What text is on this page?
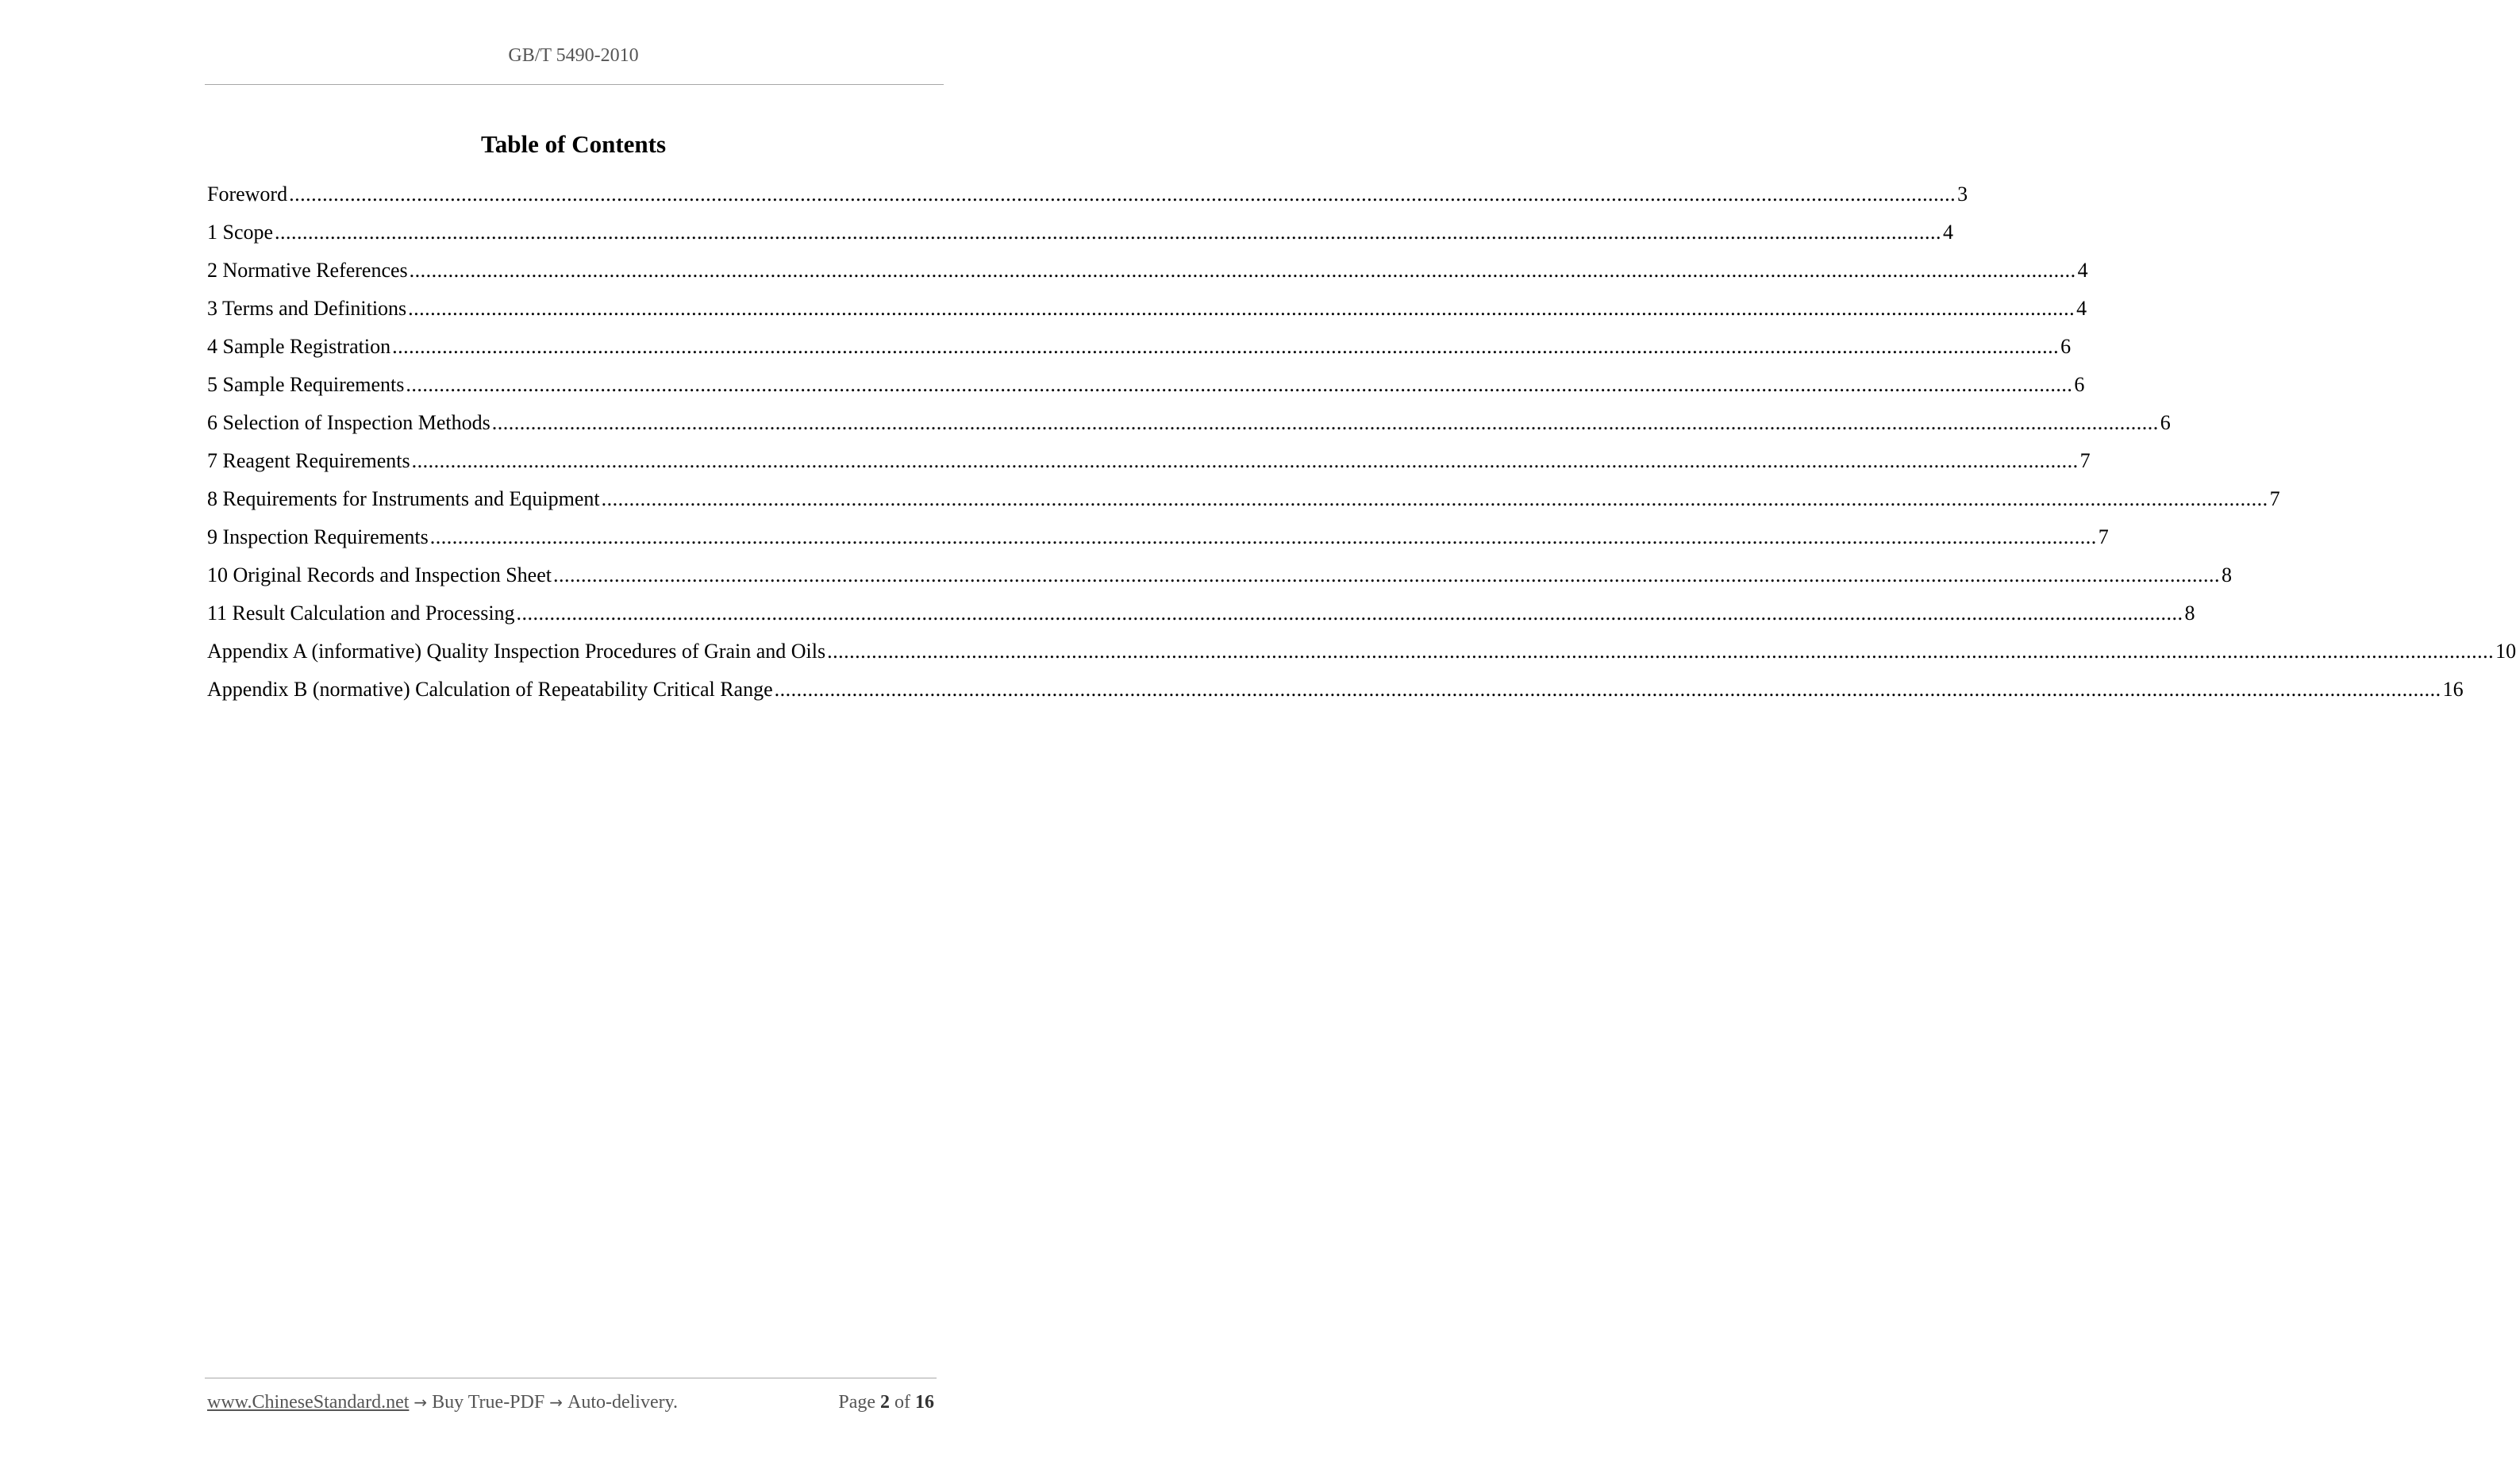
GB/T 5490-2010
Table of Contents
Foreword ............................................................................................................................................................................................................................................................................................................ 3
1 Scope ............................................................................................................................................................................................................................................................................................................ 4
2 Normative References ............................................................................................................................................................................................................................................................................................................ 4
3 Terms and Definitions ............................................................................................................................................................................................................................................................................................................ 4
4 Sample Registration ............................................................................................................................................................................................................................................................................................................ 6
5 Sample Requirements ............................................................................................................................................................................................................................................................................................................ 6
6 Selection of Inspection Methods ............................................................................................................................................................................................................................................................................................................ 6
7 Reagent Requirements ............................................................................................................................................................................................................................................................................................................ 7
8 Requirements for Instruments and Equipment ............................................................................................................................................................................................................................................................................................................ 7
9 Inspection Requirements ............................................................................................................................................................................................................................................................................................................ 7
10 Original Records and Inspection Sheet ............................................................................................................................................................................................................................................................................................................ 8
11 Result Calculation and Processing ............................................................................................................................................................................................................................................................................................................ 8
Appendix A (informative) Quality Inspection Procedures of Grain and Oils ............................................................................................................................................................................................................................................................................................................ 10
Appendix B (normative) Calculation of Repeatability Critical Range ............................................................................................................................................................................................................................................................................................................ 16
www.ChineseStandard.net → Buy True-PDF → Auto-delivery.	Page 2 of 16
